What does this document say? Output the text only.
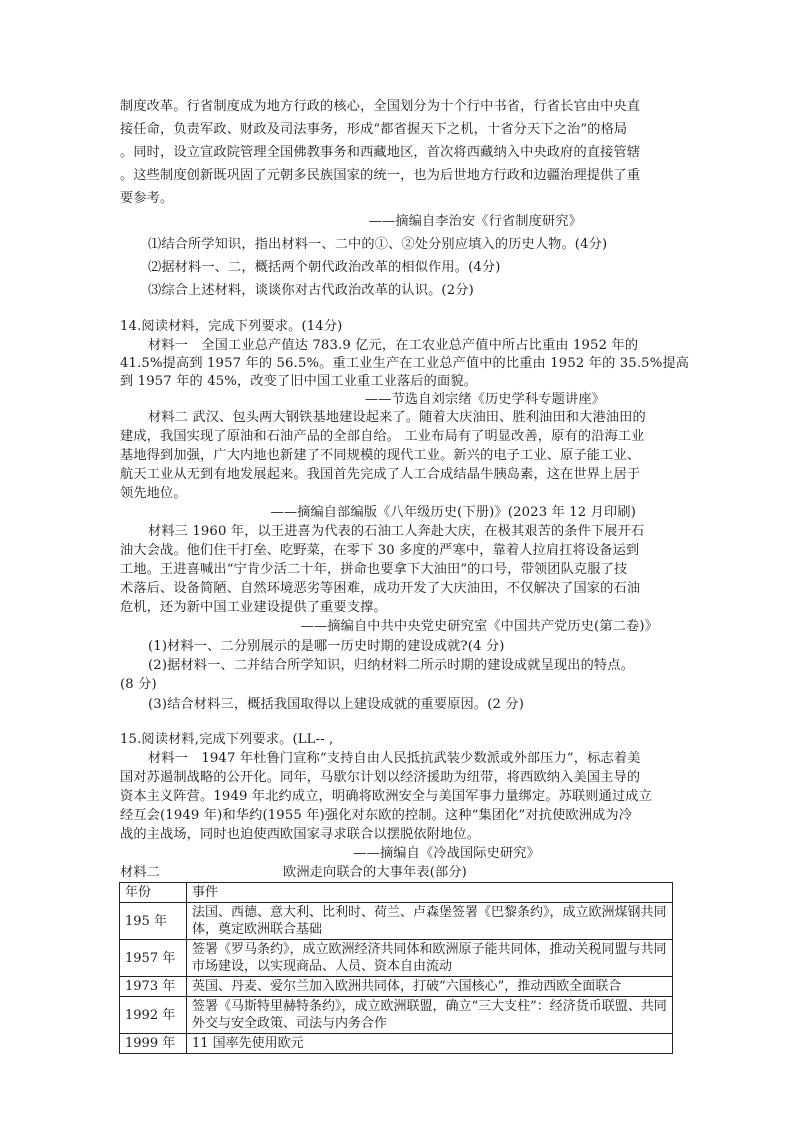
制度改革。行省制度成为地方行政的核心，全国划分为十个行中书省，行省长官由中央直
接任命，负责军政、财政及司法事务，形成“都省握天下之机，十省分天下之治”的格局
。同时，设立宣政院管理全国佛教事务和西藏地区，首次将西藏纳入中央政府的直接管辖
。这些制度创新既巩固了元朝多民族国家的统一，也为后世地方行政和边疆治理提供了重
要参考。
——摘编自李治安《行省制度研究》
⑴结合所学知识，指出材料一、二中的①、②处分别应填入的历史人物。(4分)
⑵据材料一、二，概括两个朝代政治改革的相似作用。(4分)
⑶综合上述材料，谈谈你对古代政治改革的认识。(2分)
14.阅读材料，完成下列要求。(14分)
材料一　全国工业总产值达 783.9 亿元，在工农业总产值中所占比重由 1952 年的
41.5%提高到 1957 年的 56.5%。重工业生产在工业总产值中的比重由 1952 年的 35.5%提高
到 1957 年的 45%，改变了旧中国工业重工业落后的面貌。
——节选自刘宗绪《历史学科专题讲座》
材料二 武汉、包头两大钢铁基地建设起来了。随着大庆油田、胜利油田和大港油田的
建成，我国实现了原油和石油产品的全部自给。 工业布局有了明显改善，原有的沿海工业
基地得到加强，广大内地也新建了不同规模的现代工业。新兴的电子工业、原子能工业、
航天工业从无到有地发展起来。我国首先完成了人工合成结晶牛胰岛素，这在世界上居于
领先地位。
——摘编自部编版《八年级历史(下册)》(2023 年 12 月印刷)
材料三 1960 年，以王进喜为代表的石油工人奔赴大庆，在极其艰苦的条件下展开石
油大会战。他们住干打垒、吃野菜，在零下 30 多度的严寒中，靠着人拉肩扛将设备运到
工地。王进喜喊出“宁肯少活二十年，拼命也要拿下大油田”的口号，带领团队克服了技
术落后、设备简陋、自然环境恶劣等困难，成功开发了大庆油田，不仅解决了国家的石油
危机，还为新中国工业建设提供了重要支撑。
——摘编自中共中央党史研究室《中国共产党历史(第二卷)》
(1)材料一、二分别展示的是哪一历史时期的建设成就?(4 分)
(2)据材料一、二并结合所学知识，归纳材料二所示时期的建设成就呈现出的特点。
(8 分)
(3)结合材料三，概括我国取得以上建设成就的重要原因。(2 分)
15.阅读材料,完成下列要求。(LL-- ,
材料一　1947 年杜鲁门宣称“支持自由人民抵抗武装少数派或外部压力”，标志着美
国对苏遏制战略的公开化。同年，马歇尔计划以经济援助为纽带，将西欧纳入美国主导的
资本主义阵营。1949 年北约成立，明确将欧洲安全与美国军事力量绑定。苏联则通过成立
经互会(1949 年)和华约(1955 年)强化对东欧的控制。这种“集团化”对抗使欧洲成为冷
战的主战场，同时也迫使西欧国家寻求联合以摆脱依附地位。
——摘编自《冷战国际史研究》
材料二	欧洲走向联合的大事年表(部分)
年份	事件
195 年	法国、西德、意大利、比利时、荷兰、卢森堡签署《巴黎条约》，成立欧洲煤钢共同体，奠定欧洲联合基础
1957 年	签署《罗马条约》，成立欧洲经济共同体和欧洲原子能共同体，推动关税同盟与共同市场建设，以实现商品、人员、资本自由流动
1973 年	英国、丹麦、爱尔兰加入欧洲共同体，打破“六国核心”，推动西欧全面联合
1992 年	签署《马斯特里赫特条约》，成立欧洲联盟，确立“三大支柱”：经济货币联盟、共同外交与安全政策、司法与内务合作
1999 年	11 国率先使用欧元
